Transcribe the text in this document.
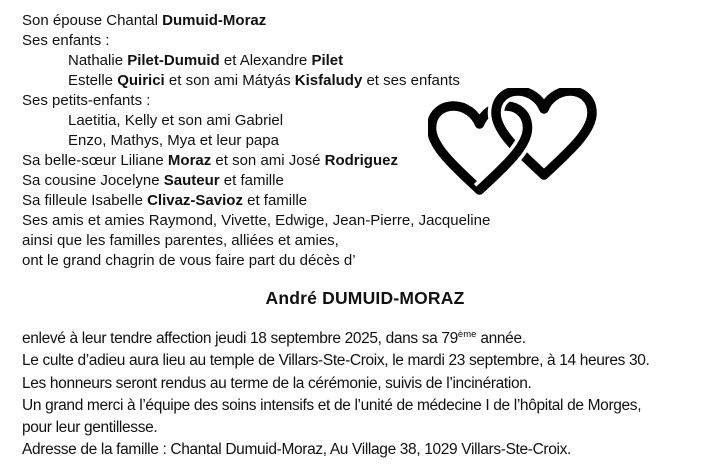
Son épouse Chantal Dumuid-Moraz
Ses enfants :
Nathalie Pilet-Dumuid et Alexandre Pilet
Estelle Quirici et son ami Mátyás Kisfaludy et ses enfants
Ses petits-enfants :
Laetitia, Kelly et son ami Gabriel
Enzo, Mathys, Mya et leur papa
Sa belle-sœur Liliane Moraz et son ami José Rodriguez
Sa cousine Jocelyne Sauteur et famille
Sa filleule Isabelle Clivaz-Savioz et famille
Ses amis et amies Raymond, Vivette, Edwige, Jean-Pierre, Jacqueline
ainsi que les familles parentes, alliées et amies,
ont le grand chagrin de vous faire part du décès d’
André DUMUID-MORAZ
enlevé à leur tendre affection jeudi 18 septembre 2025, dans sa 79ème année.
Le culte d’adieu aura lieu au temple de Villars-Ste-Croix, le mardi 23 septembre, à 14 heures 30.
Les honneurs seront rendus au terme de la cérémonie, suivis de l’incinération.
Un grand merci à l’équipe des soins intensifs et de l’unité de médecine I de l’hôpital de Morges,
pour leur gentillesse.
Adresse de la famille : Chantal Dumuid-Moraz, Au Village 38, 1029 Villars-Ste-Croix.
